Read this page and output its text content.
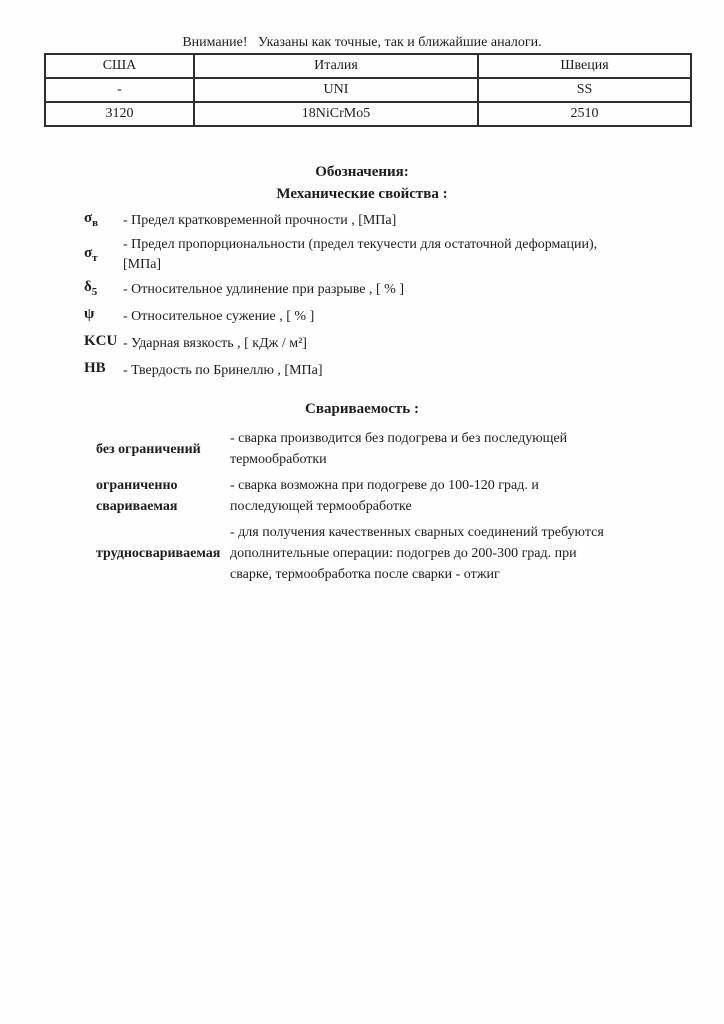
Внимание!   Указаны как точные, так и ближайшие аналоги.
США	Италия	Швеция
-	UNI	SS
3120	18NiCrMo5	2510
Обозначения:
Механические свойства :
$\sigma_в$	- Предел кратковременной прочности , [МПа]
$\sigma_т$
- Предел пропорциональности (предел текучести для остаточной деформации),
[МПа]
$\delta_5$	- Относительное удлинение при разрыве , [ % ]
ψ	- Относительное сужение , [ % ]
KCU - Ударная вязкость , [ кДж / м²]
HB	- Твердость по Бринеллю , [МПа]
Свариваемость :
без ограничений
- сварка производится без подогрева и без последующей
термообработки
ограниченно свариваемая
- сварка возможна при подогреве до 100-120 град. и
последующей термообработке
трудносвариваемая
- для получения качественных сварных соединений требуются
дополнительные операции: подогрев до 200-300 град. при
сварке, термообработка после сварки - отжиг
